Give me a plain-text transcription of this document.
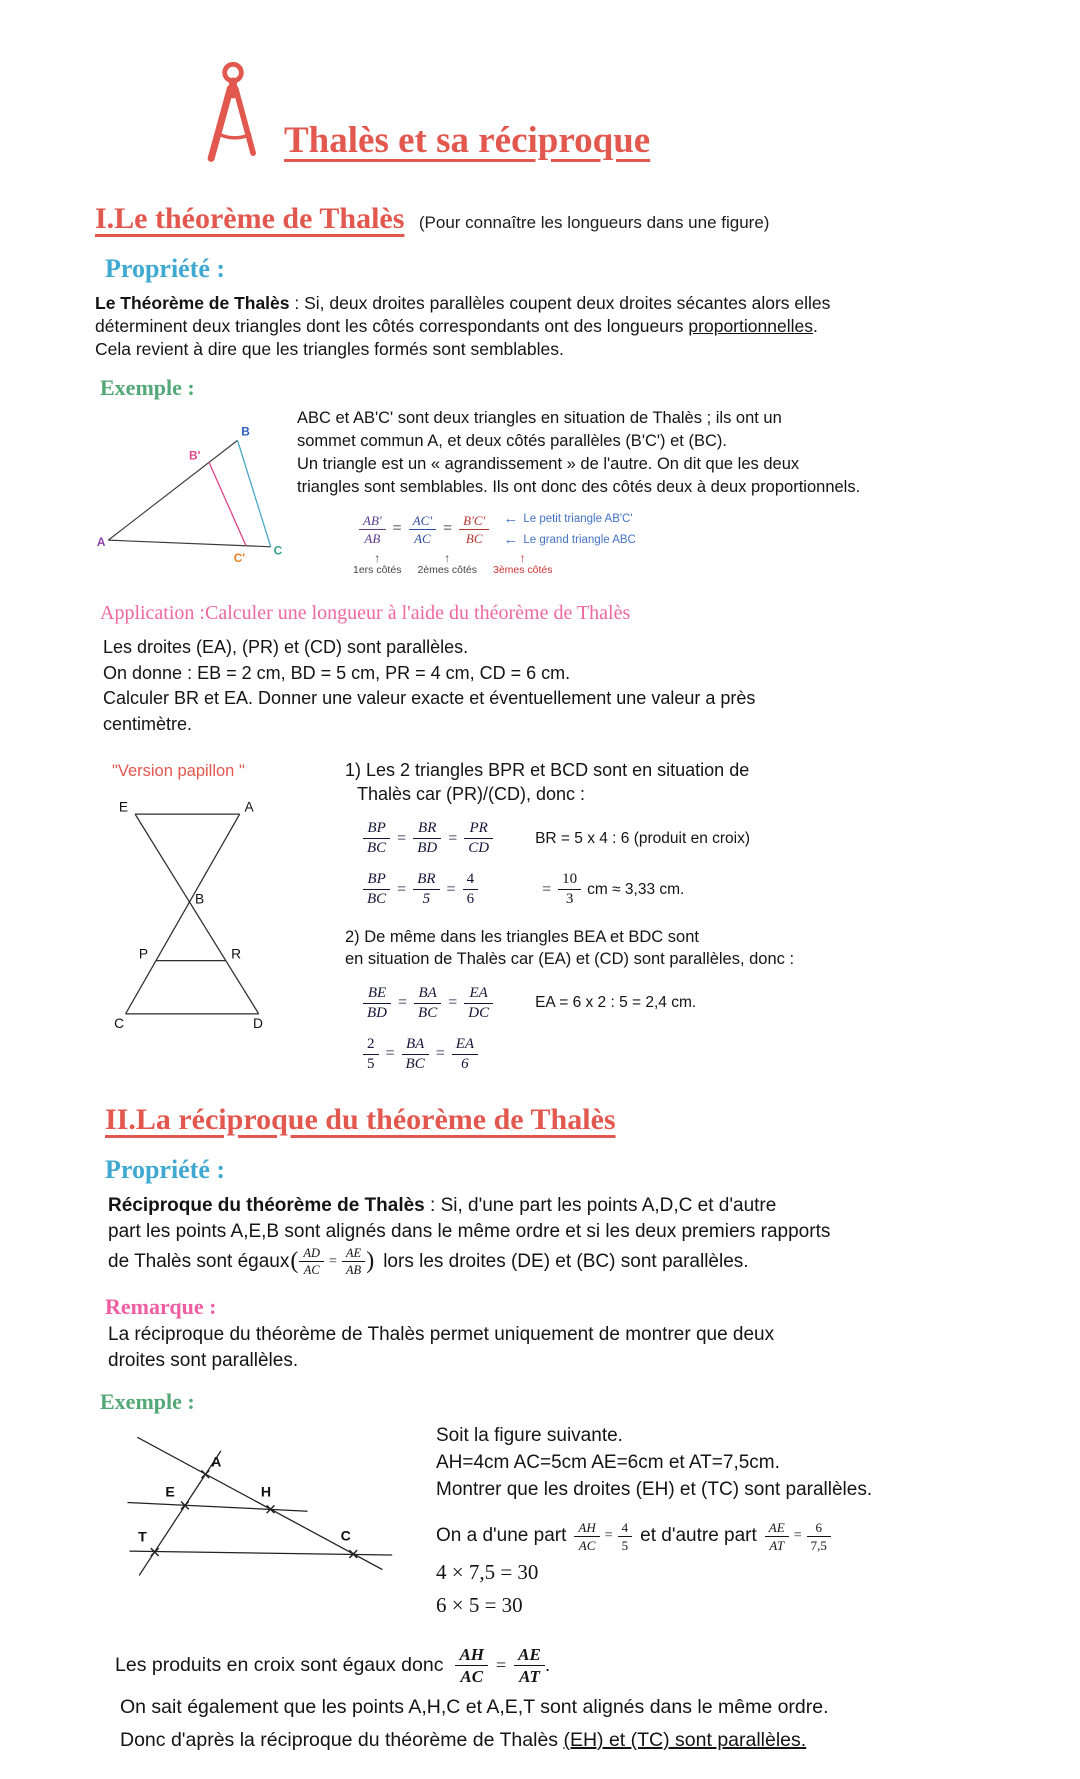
Thalès et sa réciproque
I.Le théorème de Thalès (Pour connaître les longueurs dans une figure)
Propriété :
Le Théorème de Thalès : Si, deux droites parallèles coupent deux droites sécantes alors elles
déterminent deux triangles dont les côtés correspondants ont des longueurs proportionnelles.
Cela revient à dire que les triangles formés sont semblables.
Exemple :
A
B
B'
C
C'
ABC et AB'C' sont deux triangles en situation de Thalès ; ils ont un
sommet commun A, et deux côtés parallèles (B'C') et (BC).
Un triangle est un « agrandissement » de l'autre. On dit que les deux
triangles sont semblables. Ils ont donc des côtés deux à deux proportionnels.
$\frac{AB'}{AB} = \frac{AC'}{AC} = \frac{B'C'}{BC}$ ← Le petit triangle AB'C'
← Le grand triangle ABC
↑
1ers côtés
↑
2èmes côtés
↑
3èmes côtés
Application :Calculer une longueur à l'aide du théorème de Thalès
Les droites (EA), (PR) et (CD) sont parallèles.
On donne : EB = 2 cm, BD = 5 cm, PR = 4 cm, CD = 6 cm.
Calculer BR et EA. Donner une valeur exacte et éventuellement une valeur a près
centimètre.
"Version papillon "
E	A
B
P	R
C	D
1) Les 2 triangles BPR et BCD sont en situation de
Thalès car (PR)/(CD), donc :
$\frac{BP}{BC} = \frac{BR}{BD} = \frac{PR}{CD}$	BR = 5 x 4 : 6 (produit en croix)
$\frac{BP}{BC} = \frac{BR}{5} = \frac{4}{6}$	= $\frac{10}{3}$ cm ≈ 3,33 cm.
2) De même dans les triangles BEA et BDC sont
en situation de Thalès car (EA) et (CD) sont parallèles, donc :
$\frac{BE}{BD} = \frac{BA}{BC} = \frac{EA}{DC}$	EA = 6 x 2 : 5 = 2,4 cm.
$\frac{2}{5} = \frac{BA}{BC} = \frac{EA}{6}$
II.La réciproque du théorème de Thalès
Propriété :
Réciproque du théorème de Thalès : Si, d'une part les points A,D,C et d'autre
part les points A,E,B sont alignés dans le même ordre et si les deux premiers rapports
de Thalès sont égaux ( $\frac{AD}{AC} = \frac{AE}{AB}$ ) lors les droites (DE) et (BC) sont parallèles.
Remarque :
La réciproque du théorème de Thalès permet uniquement de montrer que deux
droites sont parallèles.
Exemple :
A
E	H
T	C
Soit la figure suivante.
AH=4cm AC=5cm AE=6cm et AT=7,5cm.
Montrer que les droites (EH) et (TC) sont parallèles.
On a d'une part $\frac{AH}{AC} = \frac{4}{5}$ et d'autre part $\frac{AE}{AT} = \frac{6}{7,5}$
4 × 7,5 = 30
6 × 5 = 30
Les produits en croix sont égaux donc $\frac{AH}{AC} = \frac{AE}{AT}$ .
On sait également que les points A,H,C et A,E,T sont alignés dans le même ordre.
Donc d'après la réciproque du théorème de Thalès (EH) et (TC) sont parallèles.
